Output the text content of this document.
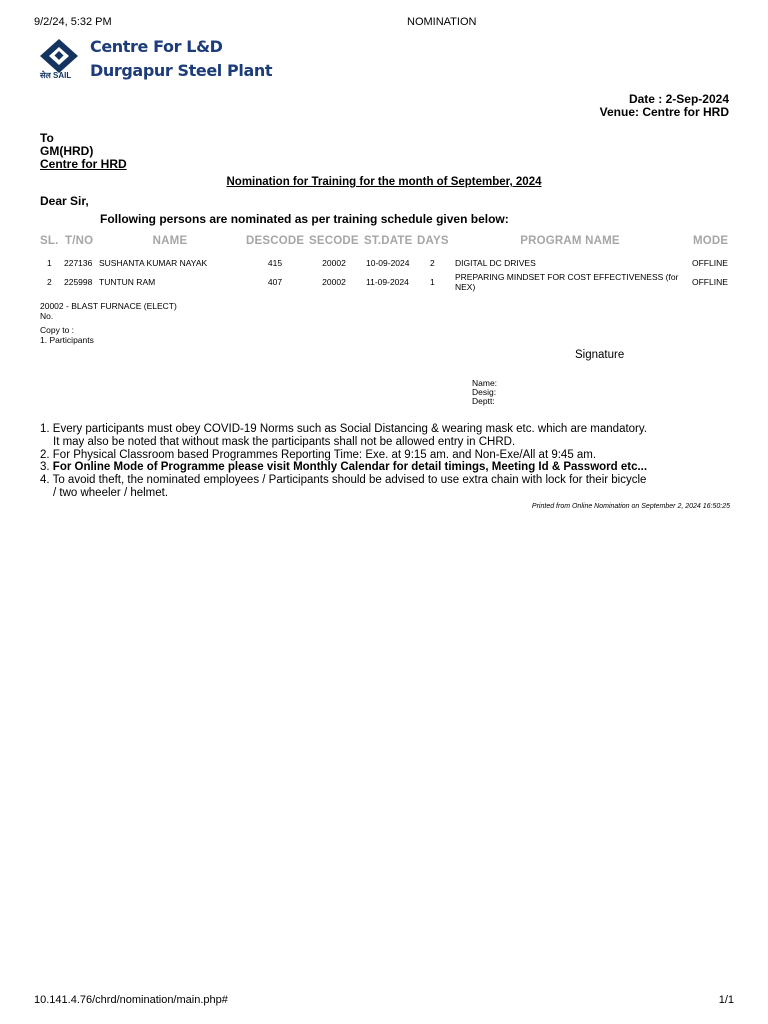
9/2/24, 5:32 PM	NOMINATION
सेल SAIL
Centre For L&D
Durgapur Steel Plant
Date : 2-Sep-2024
Venue: Centre for HRD
To
GM(HRD)
Centre for HRD
Nomination for Training for the month of September, 2024
Dear Sir,
Following persons are nominated as per training schedule given below:
SL. T/NO	NAME	DESCODE SECODE ST.DATE DAYS	PROGRAM NAME	MODE
1 227136 SUSHANTA KUMAR NAYAK	415	20002	10-09-2024 2 DIGITAL DC DRIVES	OFFLINE
2 225998 TUNTUN RAM	407	20002	11-09-2024 1 PREPARING MINDSET FOR COST EFFECTIVENESS (for NEX)	OFFLINE
20002 - BLAST FURNACE (ELECT)
No.
Copy to :
1. Participants
Signature
Name:
Desig:
Deptt:
1. Every participants must obey COVID-19 Norms such as Social Distancing & wearing mask etc. which are mandatory.
It may also be noted that without mask the participants shall not be allowed entry in CHRD.
2. For Physical Classroom based Programmes Reporting Time: Exe. at 9:15 am. and Non-Exe/All at 9:45 am.
3. For Online Mode of Programme please visit Monthly Calendar for detail timings, Meeting Id & Password etc...
4. To avoid theft, the nominated employees / Participants should be advised to use extra chain with lock for their bicycle
/ two wheeler / helmet.
Printed from Online Nomination on September 2, 2024 16:50:25
10.141.4.76/chrd/nomination/main.php#	1/1
